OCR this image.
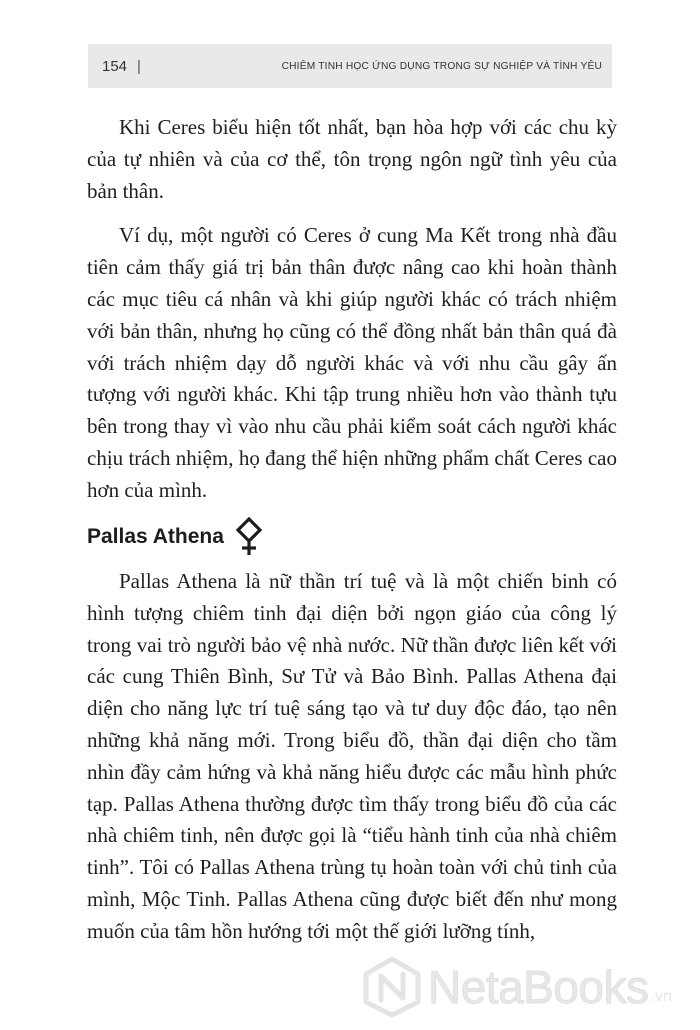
154 |	CHIÊM TINH HỌC ỨNG DỤNG TRONG SỰ NGHIỆP VÀ TÌNH YÊU

Khi Ceres biểu hiện tốt nhất, bạn hòa hợp với các chu kỳ của tự nhiên và của cơ thể, tôn trọng ngôn ngữ tình yêu của bản thân.

Ví dụ, một người có Ceres ở cung Ma Kết trong nhà đầu tiên cảm thấy giá trị bản thân được nâng cao khi hoàn thành các mục tiêu cá nhân và khi giúp người khác có trách nhiệm với bản thân, nhưng họ cũng có thể đồng nhất bản thân quá đà với trách nhiệm dạy dỗ người khác và với nhu cầu gây ấn tượng với người khác. Khi tập trung nhiều hơn vào thành tựu bên trong thay vì vào nhu cầu phải kiểm soát cách người khác chịu trách nhiệm, họ đang thể hiện những phẩm chất Ceres cao hơn của mình.

Pallas Athena

Pallas Athena là nữ thần trí tuệ và là một chiến binh có hình tượng chiêm tinh đại diện bởi ngọn giáo của công lý trong vai trò người bảo vệ nhà nước. Nữ thần được liên kết với các cung Thiên Bình, Sư Tử và Bảo Bình. Pallas Athena đại diện cho năng lực trí tuệ sáng tạo và tư duy độc đáo, tạo nên những khả năng mới. Trong biểu đồ, thần đại diện cho tầm nhìn đầy cảm hứng và khả năng hiểu được các mẫu hình phức tạp. Pallas Athena thường được tìm thấy trong biểu đồ của các nhà chiêm tinh, nên được gọi là “tiểu hành tinh của nhà chiêm tinh”. Tôi có Pallas Athena trùng tụ hoàn toàn với chủ tinh của mình, Mộc Tinh. Pallas Athena cũng được biết đến như mong muốn của tâm hồn hướng tới một thế giới lưỡng tính,

NetaBooks .vn
